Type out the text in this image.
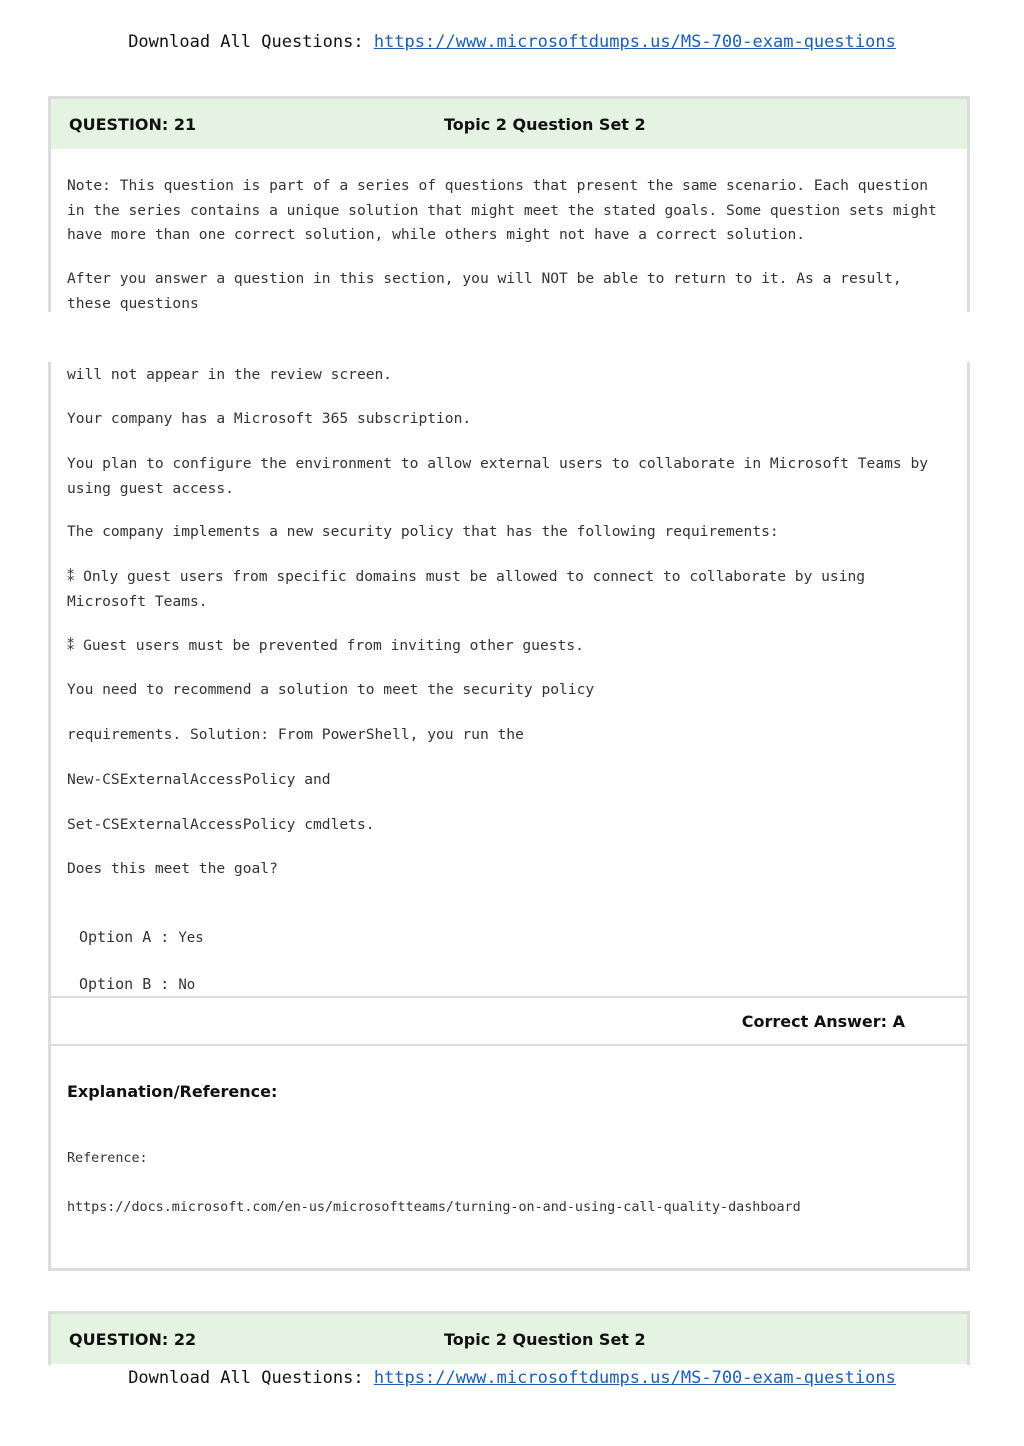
Download All Questions: https://www.microsoftdumps.us/MS-700-exam-questions
QUESTION: 21	Topic 2 Question Set 2

Note: This question is part of a series of questions that present the same scenario. Each question in the series contains a unique solution that might meet the stated goals. Some question sets might have more than one correct solution, while others might not have a correct solution.

After you answer a question in this section, you will NOT be able to return to it. As a result, these questions

will not appear in the review screen.

Your company has a Microsoft 365 subscription.

You plan to configure the environment to allow external users to collaborate in Microsoft Teams by using guest access.

The company implements a new security policy that has the following requirements:

⁑ Only guest users from specific domains must be allowed to connect to collaborate by using Microsoft Teams.

⁑ Guest users must be prevented from inviting other guests.

You need to recommend a solution to meet the security policy

requirements. Solution: From PowerShell, you run the

New-CSExternalAccessPolicy and

Set-CSExternalAccessPolicy cmdlets.

Does this meet the goal?

Option A : Yes
Option B : No
Correct Answer: A
Explanation/Reference:
Reference:
https://docs.microsoft.com/en-us/microsoftteams/turning-on-and-using-call-quality-dashboard
QUESTION: 22	Topic 2 Question Set 2
Download All Questions: https://www.microsoftdumps.us/MS-700-exam-questions
